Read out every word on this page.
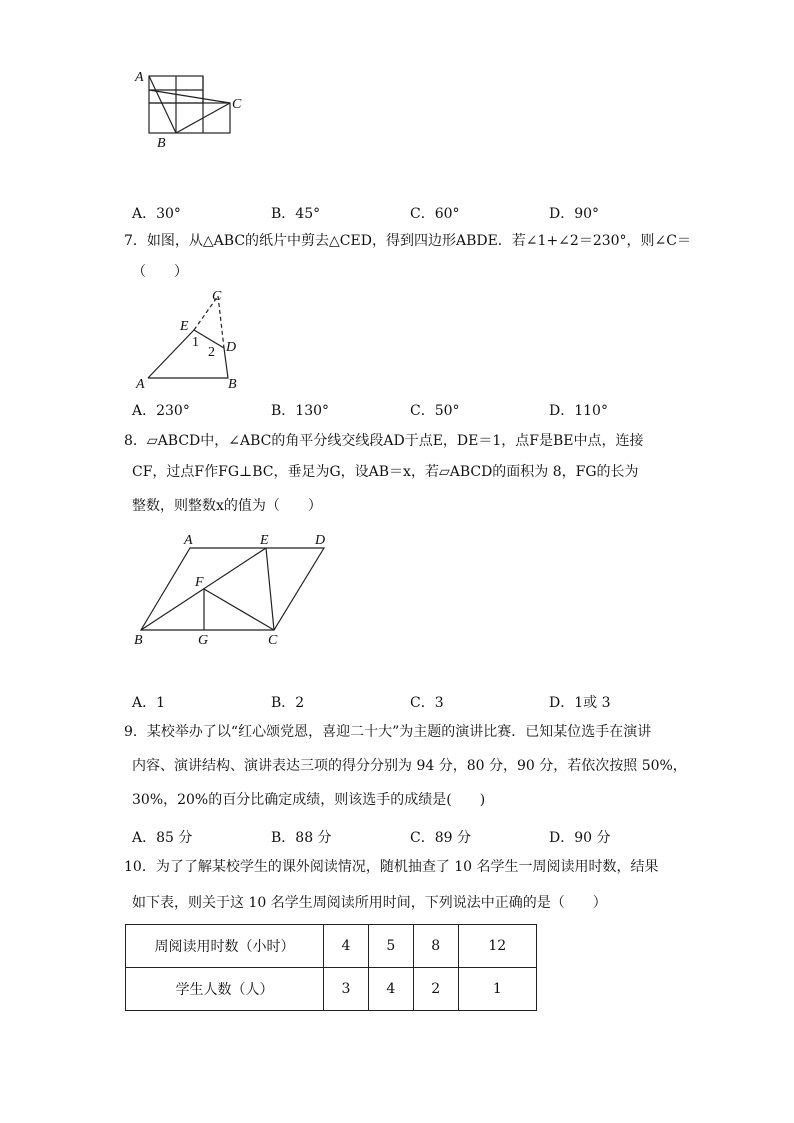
A
C
B
A．30°	B．45°	C．60°	D．90°
7．如图，从△ABC的纸片中剪去△CED，得到四边形ABDE．若∠1+∠2＝230°，则∠C＝
（　　）
C
E
D
A	B
1
2
A．230°	B．130°	C．50°	D．110°
8．▱ABCD中，∠ABC的角平分线交线段AD于点E，DE＝1，点F是BE中点，连接
CF，过点F作FG⊥BC，垂足为G，设AB＝x，若▱ABCD的面积为 8，FG的长为
整数，则整数x的值为（　　）
A	E	D
F
B	G	C
A．1	B．2	C．3	D．1或 3
9．某校举办了以“红心颂党恩，喜迎二十大”为主题的演讲比赛．已知某位选手在演讲
内容、演讲结构、演讲表达三项的得分分别为 94 分，80 分，90 分，若依次按照 50%，
30%，20%的百分比确定成绩，则该选手的成绩是(　　)
A．85 分	B．88 分	C．89 分	D．90 分
10．为了了解某校学生的课外阅读情况，随机抽查了 10 名学生一周阅读用时数，结果
如下表，则关于这 10 名学生周阅读所用时间，下列说法中正确的是（　　）
周阅读用时数（小时）	4	5	8	12
学生人数（人）	3	4	2	1
